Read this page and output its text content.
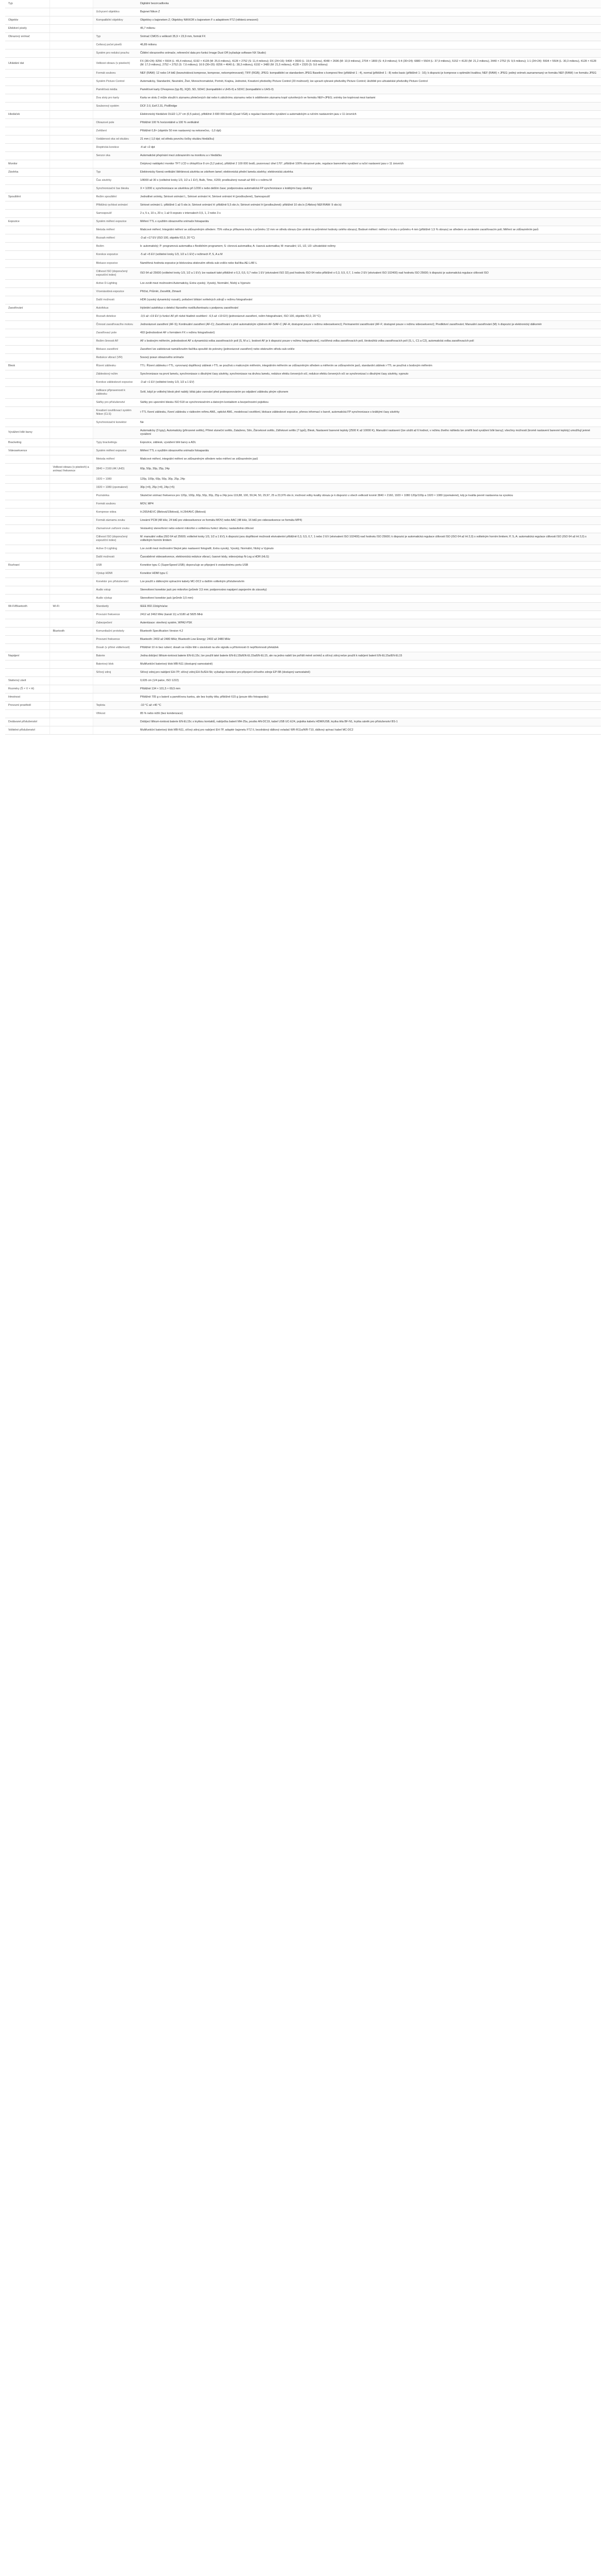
Typ			Digitální bezzrcadlovka
		Uchycení objektivu	Bajonet Nikon Z
Objektiv		Kompatibilní objektivy	Objektivy s bajonetem Z; Objektivy NIKKOR s bajonetem F s adaptérem FTZ (některá omezení)
Efektivní pixely			45,7 milionu
Obrazový snímač		Typ	Snímač CMOS s velikostí 35,9 × 23,9 mm, formát FX
		Celkový počet pixelů	46,89 milionu
		Systém pro redukci prachu	Čištění obrazového snímače, referenční data pro funkci Image Dust Off (vyžaduje software NX Studio)
Ukládání dat		Velikost obrazu (v pixelech)	FX (36×24): 8256 × 5504 (L: 45,4 milionu), 6192 × 4128 (M: 25,6 milionu), 4128 × 2752 (S: 11,4 milionu); DX (24×16): 5408 × 3600 (L: 19,5 milionu), 4048 × 2696 (M: 10,9 milionu), 2704 × 1800 (S: 4,9 milionu); 5:4 (30×24): 6880 × 5504 (L: 37,9 milionu), 5152 × 4120 (M: 21,2 milionu), 3440 × 2752 (S: 9,5 milionu); 1:1 (24×24): 5504 × 5504 (L: 30,3 milionu), 4128 × 4128 (M: 17,0 milionu), 2752 × 2752 (S: 7,6 milionu); 16:9 (36×20): 8256 × 4640 (L: 38,3 milionu), 6192 × 3480 (M: 21,5 milionu), 4128 × 2320 (S: 9,6 milionu)
		Formát souboru	NEF (RAW): 12 nebo 14 bitů (bezeztrátová komprese, komprese, nekomprimované); TIFF (RGB); JPEG: kompatibilní se standardem JPEG Baseline s kompresí fine (přibližně 1 : 4), normal (přibližně 1 : 8) nebo basic (přibližně 1 : 16); k dispozici je komprese s optimální kvalitou; NEF (RAW) + JPEG: jediný snímek zaznamenaný ve formátu NEF (RAW) i ve formátu JPEG
		Systém Picture Control	Automaticky, Standardní, Neutrální, Živé, Monochromatické, Portrét, Krajina, Jednotné, Kreativní předvolby Picture Control (20 možností); lze upravit vybrané předvolby Picture Control; úložiště pro uživatelské předvolby Picture Control
		Paměťová média	Paměťové karty CFexpress (typ B), XQD, SD, SDHC (kompatibilní s UHS-II) a SDXC (kompatibilní s UHS-II)
		Dva sloty pro karty	Karta ve slotu 2 může sloužit k záznamu přetečených dat nebo k záložnímu záznamu nebo k odděleném záznamu kopií vytvořených ve formátu NEF+JPEG; snímky lze kopírovat mezi kartami
		Souborový systém	DCF 2.0, Exif 2.31, PictBridge
Hledáček			Elektronický hledáček OLED 1,27 cm (0,5 palce), přibližně 3 690 000 bodů (Quad VGA) s regulací barevného vyvážení a automatickým a ručním nastavením jasu v 11 úrovních
		Obrazové pole	Přibližně 100 % horizontálně a 100 % vertikálně
		Zvětšení	Přibližně 0,8× (objektiv 50 mm nastavený na nekonečno, -1,0 dpt)
		Vzdálenost oka od okuláru	21 mm (-1,0 dpt; od středu povrchu čočky okuláru hledáčku)
		Dioptrická korekce	-4 až +2 dpt
		Senzor oka	Automatické přepínání mezi zobrazením na monitoru a v hledáčku
Monitor			Dotykový naklápěcí monitor TFT LCD o úhlopříčce 8 cm (3,2 palce), přibližně 2 100 000 bodů, pozorovací úhel 170°, přibližně 100% obrazové pole, regulace barevného vyvážení a ruční nastavení jasu v 11 úrovních
Závěrka		Typ	Elektronicky řízená vertikální štěrbinová závěrka se zdvihem lamel; elektronická přední lamela závěrky; elektronická závěrka
		Čas závěrky	1/8000 až 30 s (volitelné kroky 1/3, 1/2 a 1 EV), Bulb, Time, X200; prodloužený rozsah až 900 s v režimu M
		Synchronizační čas blesku	X = 1/200 s; synchronizace se závěrkou při 1/200 s nebo delším čase; podporována automatická FP synchronizace s krátkými časy závěrky
Spouštění		Režim spouštění	Jednotlivé snímky, Sériové snímání L, Sériové snímání H, Sériové snímání H (prodloužené), Samospoušť
		Přibližná rychlost snímání	Sériové snímání L: přibližně 1 až 5 obr./s; Sériové snímání H: přibližně 5,5 obr./s; Sériové snímání H (prodloužené): přibližně 10 obr./s (14bitový NEF/RAW: 9 obr./s)
		Samospoušť	2 s, 5 s, 10 s, 20 s; 1 až 9 expozic v intervalech 0,5, 1, 2 nebo 3 s
Expozice		Systém měření expozice	Měření TTL s využitím obrazového snímače fotoaparátu
		Metoda měření	Maticové měření; Integrální měření se zdůrazněným středem: 75% váha je přiřazena kruhu o průměru 12 mm ve středu obrazu (lze změnit na průměrné hodnoty celého obrazu); Bodové měření: měření v kruhu o průměru 4 mm (přibližně 1,5 % obrazu) se středem ve zvoleném zaostřovacím poli; Měření se zdůrazněním jasů
		Rozsah měření	-3 až +17 EV (ISO 100, objektiv f/2,0, 20 °C)
		Režim	b: automatický; P: programová automatika s flexibilním programem; S: clonová automatika; A: časová automatika; M: manuální; U1, U2, U3: uživatelské režimy
		Korekce expozice	-5 až +5 EV (volitelné kroky 1/3, 1/2 a 1 EV) v režimech P, S, A a M
		Blokace expozice	Naměřená hodnota expozice je blokována stisknutím středu sub-voliče nebo tlačítka AE-L/AF-L
		Citlivost ISO (doporučený expoziční index)	ISO 64 až 25600 (volitelné kroky 1/3, 1/2 a 1 EV); lze nastavit také přibližně o 0,3, 0,5, 0,7 nebo 1 EV (ekvivalent ISO 32) pod hodnotu ISO 64 nebo přibližně o 0,3, 0,5, 0,7, 1 nebo 2 EV (ekvivalent ISO 102400) nad hodnotu ISO 25600; k dispozici je automatická regulace citlivosti ISO
		Active D-Lighting	Lze zvolit mezi možnostmi Automaticky, Extra vysoký, Vysoký, Normální, Nízký a Vypnuto
		Vícenásobná expozice	Přičíst, Průměr, Zesvětlit, Ztmavit
		Další možnosti	HDR (vysoký dynamický rozsah), potlačení blikání světelných zdrojů v režimu fotografování
Zaostřování		Autofokus	Hybridní autofokus s detekcí fázového rozdílu/kontrastu s podporou zaostřování
		Rozsah detekce	-3,5 až +19 EV (s funkcí AF při nízké hladině osvětlení: -6,5 až +19 EV) (jednorázové zaostření, režim fotografování, ISO 100, objektiv f/2,0, 20 °C)
		Činnost zaostřovacího motoru	Jednorázové zaostření (AF-S); Kontinuální zaostření (AF-C); Zaostřování s plně automatickým výběrem AF-S/AF-C (AF-A; dostupné pouze v režimu videosekvencí); Permanentní zaostřování (AF-F; dostupné pouze v režimu videosekvencí); Prediktivní zaostřování; Manuální zaostřování (M): k dispozici je elektronický dálkoměr
		Zaostřovací pole	493 (jednobodové AF s formátem FX v režimu fotografování)
		Režim činnosti AF	AF s bodovým měřením, jednobodové AF a dynamická volba zaostřovacích polí (S, M a L; bodové AF je k dispozici pouze v režimu fotografování), rozšířená volba zaostřovacích polí, širokoúhlá volba zaostřovacích polí (S, L, C1 a C2), automatická volba zaostřovacích polí
		Blokace zaostření	Zaostření lze zablokovat namáčknutím tlačítka spouště do poloviny (jednorázové zaostření) nebo stisknutím středu sub-voliče
		Redukce vibrací (VR)	5osový posun obrazového snímače
Blesk		Řízení záblesku	TTL: Řízení záblesku i-TTL; vyrovnaný doplňkový záblesk i-TTL se používá s maticovým měřením, integrálním měřením se zdůrazněným středem a měřením se zdůrazněním jasů, standardní záblesk i-TTL se používá s bodovým měřením
		Zábleskový režim	Synchronizace na první lamelu, synchronizace s dlouhými časy závěrky, synchronizace na druhou lamelu, redukce efektu červených očí, redukce efektu červených očí se synchronizací s dlouhými časy závěrky, vypnuto
		Korekce zábleskové expozice	-3 až +1 EV (volitelné kroky 1/3, 1/2 a 1 EV)
		Indikace připravenosti k záblesku	Svítí, když je volitelný blesk plně nabitý; bliká jako varování před podexponováním po odpálení záblesku plným výkonem
		Sáňky pro příslušenství	Sáňky pro upevnění blesku ISO 518 se synchronizačním a datovým kontaktem a bezpečnostní pojistkou
		Kreativní osvětlovací systém Nikon (CLS)	i-TTL řízení záblesku, řízení záblesku v rádiovém reřimu AWL, optické AWL, modelovací osvětlení, blokace zábleskové expozice, přenos informací o barvě, automatická FP synchronizace s krátkými časy závěrky
		Synchronizační konektor	Ne
Vyvážení bílé barvy			Automaticky (3 typy), Automaticky (přirozené světlo), Přímé sluneční světlo, Zataženo, Stín, Žárovkové světlo, Zářivkové světlo (7 typů), Blesk, Nastavení barevné teploty (2500 K až 10000 K), Manuální nastavení (lze uložit až 6 hodnot, v režimu živého náhledu lze změřit bod vyvážení bílé barvy); všechny možnosti (kromě nastavení barevné teploty) umožňují jemné vyvážení
Bracketing		Typy bracketingu	Expozice, záblesk, vyvážení bílé barvy a ADL
Videosekvence		Systém měření expozice	Měření TTL s využitím obrazového snímače fotoaparátu
		Metoda měření	Maticové měření, integrální měření se zdůrazněným středem nebo měření se zdůrazněním jasů
	Velikost obrazu (v pixelech) a snímací frekvence	3840 × 2160 (4K UHD)	60p, 50p, 30p, 25p, 24p
		1920 × 1080	120p, 100p, 60p, 50p, 30p, 25p, 24p
		1920 × 1080 (zpomalené)	30p (×4), 25p (×4), 24p (×5)
		Poznámka	Skutečné snímací frekvence pro 120p, 100p, 60p, 50p, 30p, 25p a 24p jsou 119,88, 100, 59,94, 50, 29,97, 25 a 23,976 obr./s; možnost volby kvality obrazu je k dispozici u všech velikostí kromě 3840 × 2160, 1920 × 1080 120p/100p a 1920 × 1080 (zpomalené), kdy je kvalita pevně nastavena na vysokou
		Formát souboru	MOV, MP4
		Komprese videa	H.265/HEVC (8bitová/10bitová), H.264/AVC (8bitová)
		Formát záznamu zvuku	Lineární PCM (48 kHz, 24 bitů pro videosekvence ve formátu MOV) nebo AAC (48 kHz, 16 bitů pro videosekvence ve formátu MP4)
		Záznamové zařízení zvuku	Vestavěný stereofonní nebo externí mikrofon s volitelnou funkcí útlumu; nastavitelná citlivost
		Citlivost ISO (doporučený expoziční index)	M: manuální volba (ISO 64 až 25600; volitelné kroky 1/3, 1/2 a 1 EV); k dispozici jsou doplňkové možnosti ekvivalentní přibližně 0,3, 0,5, 0,7, 1 nebo 2 EV (ekvivalent ISO 102400) nad hodnotu ISO 25600; k dispozici je automatická regulace citlivosti ISO (ISO 64 až Hi 2,0) s volitelným horním limitem; P, S, A: automatická regulace citlivosti ISO (ISO 64 až Hi 2,0) s volitelným horním limitem
		Active D-Lighting	Lze zvolit mezi možnostmi Stejné jako nastavení fotografií, Extra vysoký, Vysoký, Normální, Nízký a Vypnuto
		Další možnosti	Časosběrné videosekvence, elektronická redukce vibrací, časové kódy, videovýstup N-Log a HDR (HLG)
Rozhraní		USB	Konektor typu C (SuperSpeed USB); doporučuje se připojení k vestavěnému portu USB
		Výstup HDMI	Konektor HDMI typu C
		Konektor pro příslušenství	Lze použít s dálkovými spínacími kabely MC-DC2 a dalším volitelným příslušenstvím
		Audio vstup	Stereofonní konektor jack pro mikrofon (průměr 3,5 mm; podporováno napájení zapojením do zásuvky)
		Audio výstup	Stereofonní konektor jack (průměr 3,5 mm)
Wi-Fi/Bluetooth	Wi-Fi	Standardy	IEEE 802.11b/g/n/a/ac
		Provozní frekvence	2412 až 2462 MHz (kanál 11) a 5180 až 5825 MHz
		Zabezpečení	Autentizace: otevřený systém, WPA2-PSK
	Bluetooth	Komunikační protokoly	Bluetooth Specification Version 4.2
		Provozní frekvence	Bluetooth: 2402 až 2480 MHz; Bluetooth Low Energy: 2402 až 2480 MHz
		Dosah (v přímé viditelnosti)	Přibližně 10 m bez rušení; dosah se může lišit v závislosti na síle signálu a přítomnosti či nepřítomnosti překážek
Napájení		Baterie	Jedna dobíjecí lithium-iontová baterie EN-EL15c; lze použít také baterie EN-EL15b/EN-EL15a/EN-EL15, ale na jedno nabití lze pořídit méně snímků a síťový zdroj nelze použít k nabíjení baterií EN-EL15a/EN-EL15
		Bateriový blok	Multifunkční bateriový blok MB-N11 (dostupný samostatně)
		Síťový zdroj	Síťový zdroj pro nabíjení EH-7P; síťový zdroj EH-5c/EH-5b; vyžaduje konektor pro připojení síťového zdroje EP-5B (dostupný samostatně)
Stativový závit			0,635 cm (1/4 palce, ISO 1222)
Rozměry (Š × V × H)			Přibližně 134 × 101,5 × 69,5 mm
Hmotnost			Přibližně 705 g s baterií a paměťovou kartou, ale bez krytky těla; přibližně 615 g (pouze tělo fotoaparátu)
Provozní prostředí		Teplota	-10 °C až +40 °C
		Vlhkost	85 % nebo nižší (bez kondenzace)
Dodávané příslušenství			Dobíjecí lithium-iontová baterie EN-EL15c s krytkou kontaktů, nabíječka baterií MH-25a, poutko AN-DC19, kabel USB UC-E24, pojistka kabelu HDMI/USB, krytka těla BF-N1, krytka sáněk pro příslušenství BS-1
Volitelné příslušenství			Multifunkční bateriový blok MB-N11, síťový zdroj pro nabíjení EH-7P, adaptér bajonetu FTZ II, bezdrátový dálkový ovladač WR-R11a/WR-T10, dálkový spínací kabel MC-DC2
